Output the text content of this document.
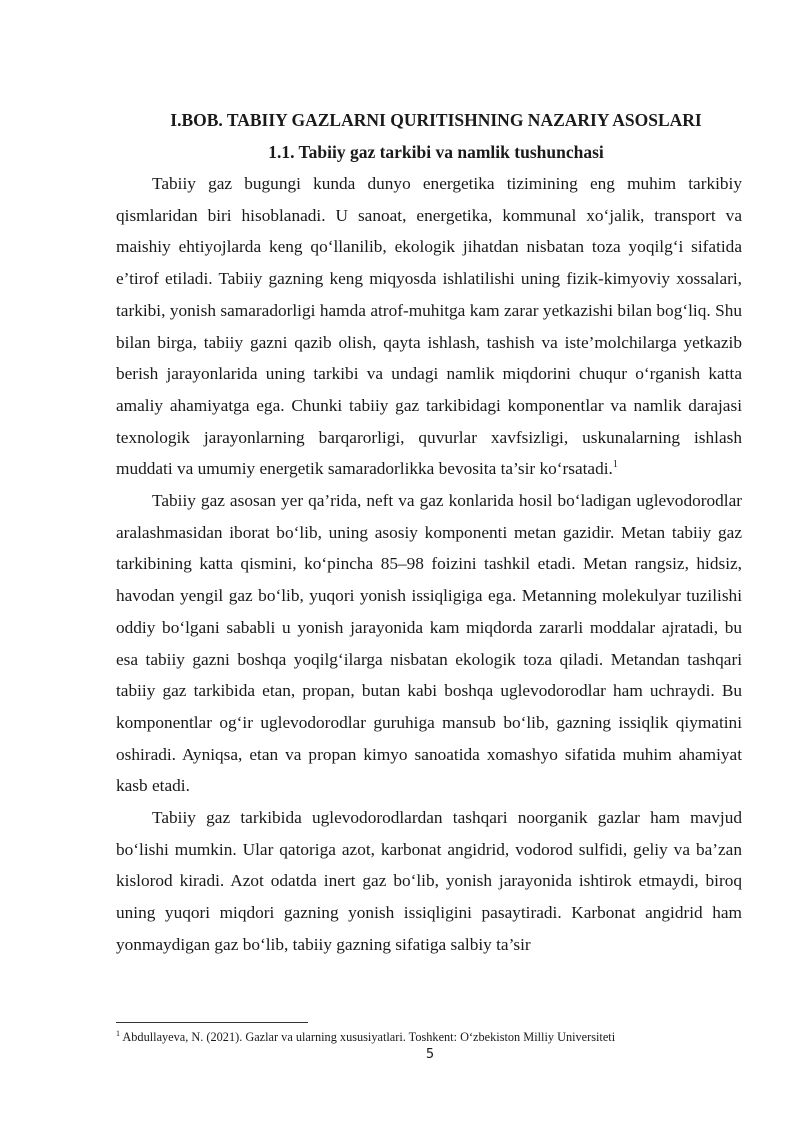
I.BOB. TABIIY GAZLARNI QURITISHNING NAZARIY ASOSLARI
1.1. Tabiiy gaz tarkibi va namlik tushunchasi

Tabiiy gaz bugungi kunda dunyo energetika tizimining eng muhim tarkibiy qismlaridan biri hisoblanadi. U sanoat, energetika, kommunal xo‘jalik, transport va maishiy ehtiyojlarda keng qo‘llanilib, ekologik jihatdan nisbatan toza yoqilg‘i sifatida e’tirof etiladi. Tabiiy gazning keng miqyosda ishlatilishi uning fizik-kimyoviy xossalari, tarkibi, yonish samaradorligi hamda atrof-muhitga kam zarar yetkazishi bilan bog‘liq. Shu bilan birga, tabiiy gazni qazib olish, qayta ishlash, tashish va iste’molchilarga yetkazib berish jarayonlarida uning tarkibi va undagi namlik miqdorini chuqur o‘rganish katta amaliy ahamiyatga ega. Chunki tabiiy gaz tarkibidagi komponentlar va namlik darajasi texnologik jarayonlarning barqarorligi, quvurlar xavfsizligi, uskunalarning ishlash muddati va umumiy energetik samaradorlikka bevosita ta’sir ko‘rsatadi.$^1$

Tabiiy gaz asosan yer qa’rida, neft va gaz konlarida hosil bo‘ladigan uglevodorodlar aralashmasidan iborat bo‘lib, uning asosiy komponenti metan gazidir. Metan tabiiy gaz tarkibining katta qismini, ko‘pincha 85–98 foizini tashkil etadi. Metan rangsiz, hidsiz, havodan yengil gaz bo‘lib, yuqori yonish issiqligiga ega. Metanning molekulyar tuzilishi oddiy bo‘lgani sababli u yonish jarayonida kam miqdorda zararli moddalar ajratadi, bu esa tabiiy gazni boshqa yoqilg‘ilarga nisbatan ekologik toza qiladi. Metandan tashqari tabiiy gaz tarkibida etan, propan, butan kabi boshqa uglevodorodlar ham uchraydi. Bu komponentlar og‘ir uglevodorodlar guruhiga mansub bo‘lib, gazning issiqlik qiymatini oshiradi. Ayniqsa, etan va propan kimyo sanoatida xomashyo sifatida muhim ahamiyat kasb etadi.

Tabiiy gaz tarkibida uglevodorodlardan tashqari noorganik gazlar ham mavjud bo‘lishi mumkin. Ular qatoriga azot, karbonat angidrid, vodorod sulfidi, geliy va ba’zan kislorod kiradi. Azot odatda inert gaz bo‘lib, yonish jarayonida ishtirok etmaydi, biroq uning yuqori miqdori gazning yonish issiqligini pasaytiradi. Karbonat angidrid ham yonmaydigan gaz bo‘lib, tabiiy gazning sifatiga salbiy ta’sir

$^1$ Abdullayeva, N. (2021). Gazlar va ularning xususiyatlari. Toshkent: O‘zbekiston Milliy Universiteti

5
